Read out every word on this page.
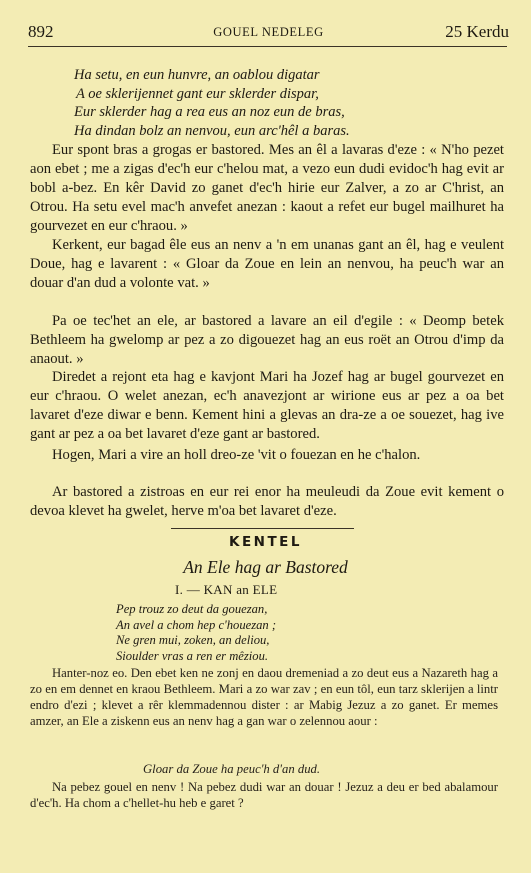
892	GOUEL NEDELEG	25 Kerdu
Ha setu, en eun hunvre, an oablou digatar
A oe sklerijennet gant eur sklerder dispar,
Eur sklerder hag a rea eus an noz eun de bras,
Ha dindan bolz an nenvou, eun arc'hêl a baras.

Eur spont bras a grogas er bastored. Mes an êl a lavaras d'eze : « N'ho pezet aon ebet ; me a zigas d'ec'h eur c'helou mat, a vezo eun dudi evidoc'h hag evit ar bobl a-bez. En kêr David zo ganet d'ec'h hirie eur Zalver, a zo ar C'hrist, an Otrou. Ha setu evel mac'h anvefet anezan : kaout a refet eur bugel mailhuret ha gourvezet en eur c'hraou. »

Kerkent, eur bagad êle eus an nenv a 'n em unanas gant an êl, hag e veulent Doue, hag e lavarent : « Gloar da Zoue en lein an nenvou, ha peuc'h war an douar d'an dud a volonte vat. »

Pa oe tec'het an ele, ar bastored a lavare an eil d'egile : « Deomp betek Bethleem ha gwelomp ar pez a zo digouezet hag an eus roët an Otrou d'imp da anaout. »

Diredet a rejont eta hag e kavjont Mari ha Jozef hag ar bugel gourvezet en eur c'hraou. O welet anezan, ec'h anavezjont ar wirione eus ar pez a oa bet lavaret d'eze diwar e benn. Kement hini a glevas an dra-ze a oe souezet, hag ive gant ar pez a oa bet lavaret d'eze gant ar bastored.

Hogen, Mari a vire an holl dreo-ze 'vit o fouezan en he c'halon.

Ar bastored a zistroas en eur rei enor ha meuleudi da Zoue evit kement o devoa klevet ha gwelet, herve m'oa bet lavaret d'eze.

KENTEL
An Ele hag ar Bastored
I. — KAN an ELE
Pep trouz zo deut da gouezan,
An avel a chom hep c'houezan ;
Ne gren mui, zoken, an deliou,
Sioulder vras a ren er mêziou.

Hanter-noz eo. Den ebet ken ne zonj en daou dremeniad a zo deut eus a Nazareth hag a zo en em dennet en kraou Bethleem. Mari a zo war zav ; en eun tôl, eun tarz sklerijen a lintr endro d'ezi ; klevet a rêr klemmadennou dister : ar Mabig Jezuz a zo ganet. Er memes amzer, an Ele a ziskenn eus an nenv hag a gan war o zelennou aour :

Gloar da Zoue ha peuc'h d'an dud.

Na pebez gouel en nenv ! Na pebez dudi war an douar ! Jezuz a deu er bed abalamour d'ec'h. Ha chom a c'hellet-hu heb e garet ?
